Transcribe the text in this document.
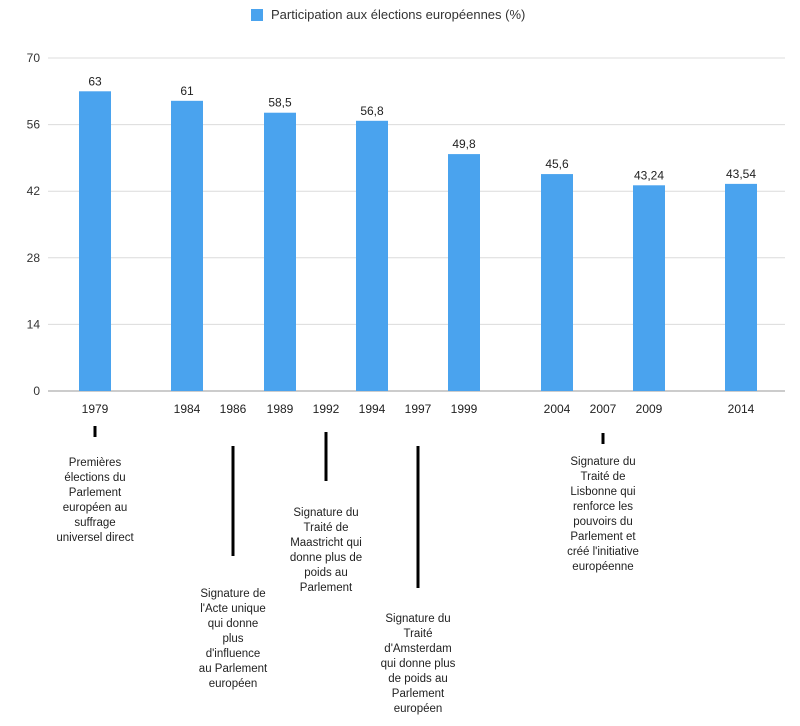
Participation aux élections européennes (%)
0
14
28
42
56
70
63
61
58,5
56,8
49,8
45,6
43,24	43,54
1979	1984 1986 1989 1992 1994 1997 1999	2004 2007 2009	2014
Premières
élections du
Parlement
européen au
suffrage
universel direct
Signature de
l'Acte unique
qui donne
plus
d'influence
au Parlement
européen
Signature du
Traité de
Maastricht qui
donne plus de
poids au
Parlement
Signature du
Traité
d'Amsterdam
qui donne plus
de poids au
Parlement
européen
Signature du
Traité de
Lisbonne qui
renforce les
pouvoirs du
Parlement et
créé l'initiative
européenne
